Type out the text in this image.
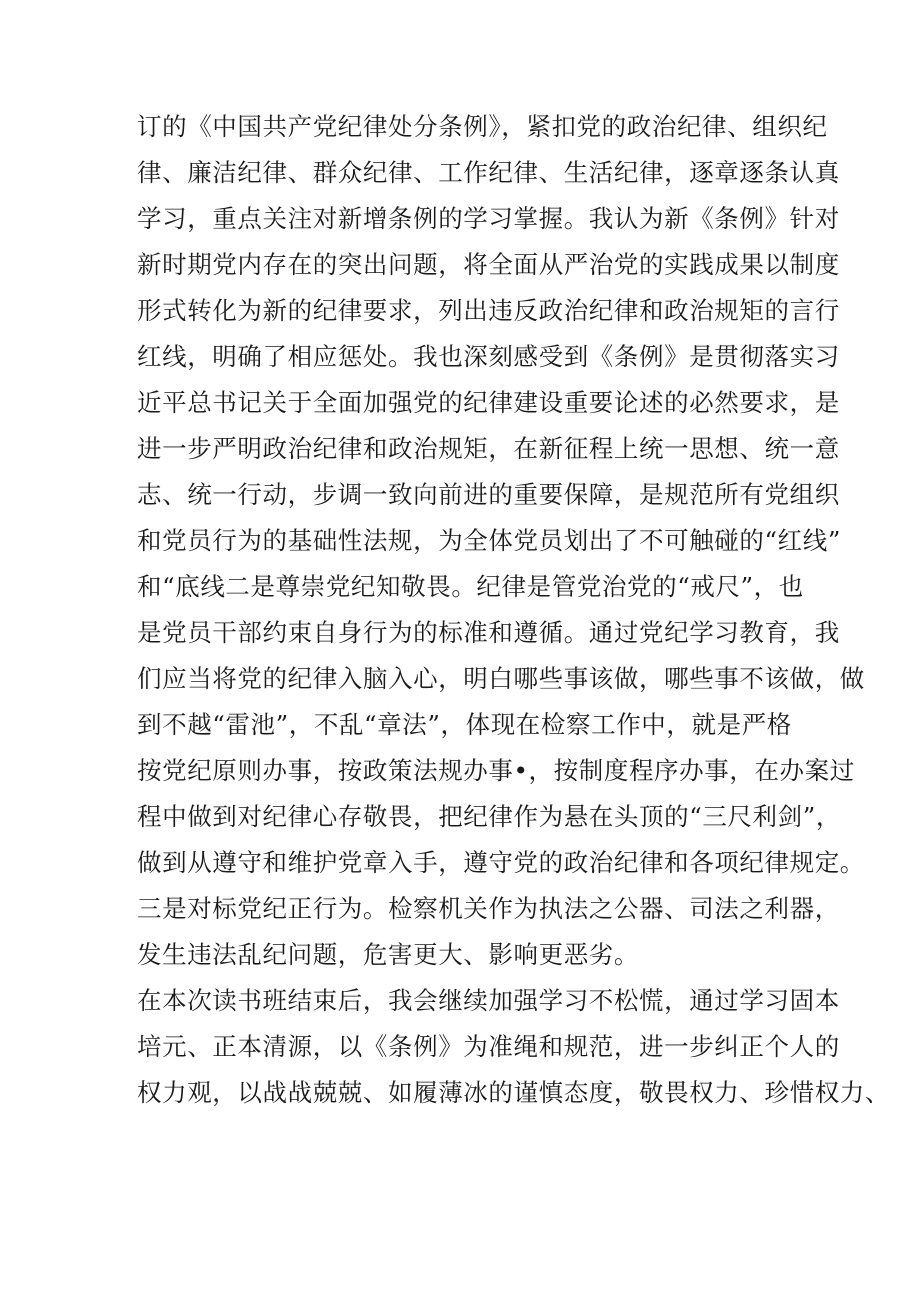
订的《中国共产党纪律处分条例》，紧扣党的政治纪律、组织纪
律、廉洁纪律、群众纪律、工作纪律、生活纪律，逐章逐条认真
学习，重点关注对新增条例的学习掌握。我认为新《条例》针对
新时期党内存在的突出问题，将全面从严治党的实践成果以制度
形式转化为新的纪律要求，列出违反政治纪律和政治规矩的言行
红线，明确了相应惩处。我也深刻感受到《条例》是贯彻落实习
近平总书记关于全面加强党的纪律建设重要论述的必然要求，是
进一步严明政治纪律和政治规矩，在新征程上统一思想、统一意
志、统一行动，步调一致向前进的重要保障，是规范所有党组织
和党员行为的基础性法规，为全体党员划出了不可触碰的“红线”
和“底线二是尊崇党纪知敬畏。纪律是管党治党的“戒尺”，也
是党员干部约束自身行为的标准和遵循。通过党纪学习教育，我
们应当将党的纪律入脑入心，明白哪些事该做，哪些事不该做，做
到不越“雷池”，不乱“章法”，体现在检察工作中，就是严格
按党纪原则办事，按政策法规办事•，按制度程序办事，在办案过
程中做到对纪律心存敬畏，把纪律作为悬在头顶的“三尺利剑”，
做到从遵守和维护党章入手，遵守党的政治纪律和各项纪律规定。
三是对标党纪正行为。检察机关作为执法之公器、司法之利器，
发生违法乱纪问题，危害更大、影响更恶劣。
在本次读书班结束后，我会继续加强学习不松慌，通过学习固本
培元、正本清源，以《条例》为准绳和规范，进一步纠正个人的
权力观，以战战兢兢、如履薄冰的谨慎态度，敬畏权力、珍惜权力、
